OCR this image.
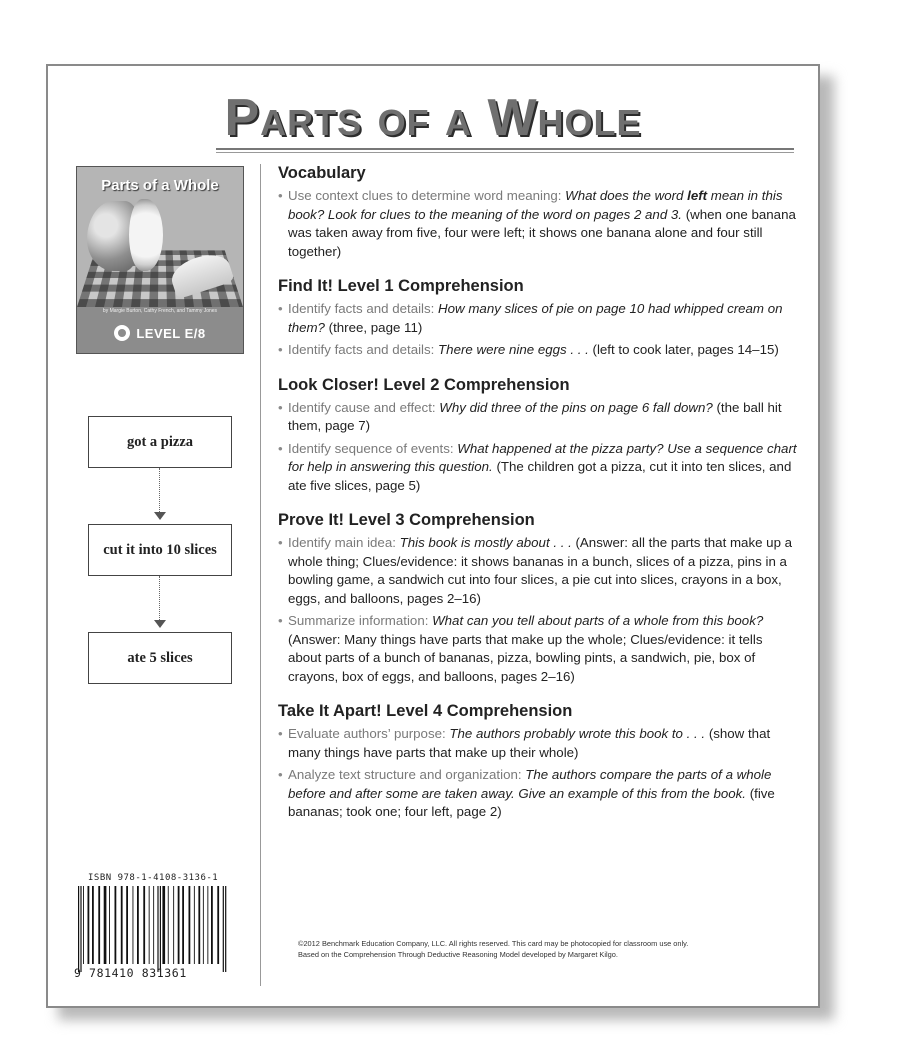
Parts of a Whole
Parts of a Whole
by Margie Burton, Cathy French, and Tammy Jones
LEVEL E/8
got a pizza
cut it into 10 slices
ate 5 slices
ISBN 978-1-4108-3136-1
9 781410 831361
Vocabulary
• Use context clues to determine word meaning: What does the word left mean in this book? Look for clues to the meaning of the word on pages 2 and 3. (when one banana was taken away from five, four were left; it shows one banana alone and four still together)
Find It! Level 1 Comprehension
• Identify facts and details: How many slices of pie on page 10 had whipped cream on them? (three, page 11)
• Identify facts and details: There were nine eggs . . . (left to cook later, pages 14–15)
Look Closer! Level 2 Comprehension
• Identify cause and effect: Why did three of the pins on page 6 fall down? (the ball hit them, page 7)
• Identify sequence of events: What happened at the pizza party? Use a sequence chart for help in answering this question. (The children got a pizza, cut it into ten slices, and ate five slices, page 5)
Prove It! Level 3 Comprehension
• Identify main idea: This book is mostly about . . . (Answer: all the parts that make up a whole thing; Clues/evidence: it shows bananas in a bunch, slices of a pizza, pins in a bowling game, a sandwich cut into four slices, a pie cut into slices, crayons in a box, eggs, and balloons, pages 2–16)
• Summarize information: What can you tell about parts of a whole from this book? (Answer: Many things have parts that make up the whole; Clues/evidence: it tells about parts of a bunch of bananas, pizza, bowling pints, a sandwich, pie, box of crayons, box of eggs, and balloons, pages 2–16)
Take It Apart! Level 4 Comprehension
• Evaluate authors’ purpose: The authors probably wrote this book to . . . (show that many things have parts that make up their whole)
• Analyze text structure and organization: The authors compare the parts of a whole before and after some are taken away. Give an example of this from the book. (five bananas; took one; four left, page 2)
©2012 Benchmark Education Company, LLC. All rights reserved. This card may be photocopied for classroom use only.
Based on the Comprehension Through Deductive Reasoning Model developed by Margaret Kilgo.
